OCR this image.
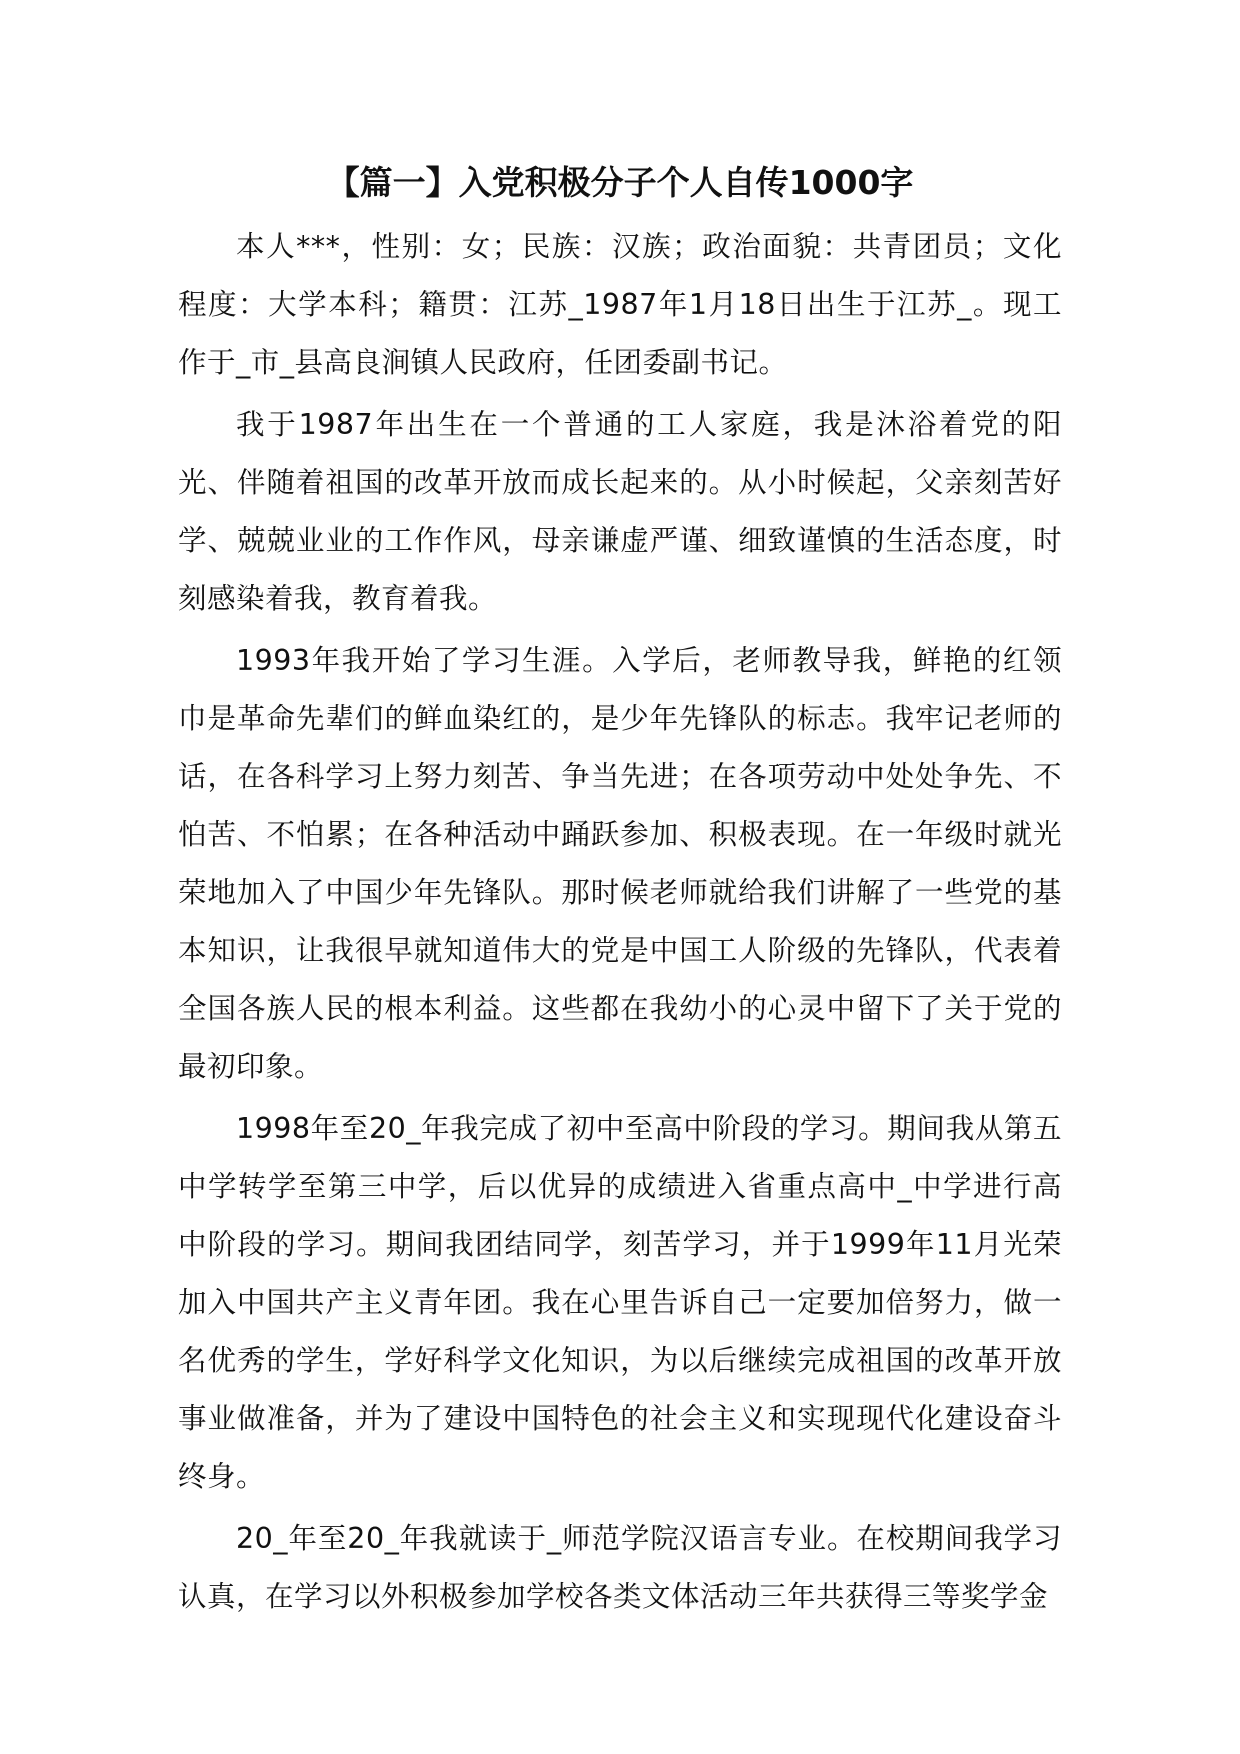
【篇一】入党积极分子个人自传1000字

本人***，性别：女；民族：汉族；政治面貌：共青团员；文化程度：大学本科；籍贯：江苏_1987年1月18日出生于江苏_。现工作于_市_县高良涧镇人民政府，任团委副书记。

我于1987年出生在一个普通的工人家庭，我是沐浴着党的阳光、伴随着祖国的改革开放而成长起来的。从小时候起，父亲刻苦好学、兢兢业业的工作作风，母亲谦虚严谨、细致谨慎的生活态度，时刻感染着我，教育着我。

1993年我开始了学习生涯。入学后，老师教导我，鲜艳的红领巾是革命先辈们的鲜血染红的，是少年先锋队的标志。我牢记老师的话，在各科学习上努力刻苦、争当先进；在各项劳动中处处争先、不怕苦、不怕累；在各种活动中踊跃参加、积极表现。在一年级时就光荣地加入了中国少年先锋队。那时候老师就给我们讲解了一些党的基本知识，让我很早就知道伟大的党是中国工人阶级的先锋队，代表着全国各族人民的根本利益。这些都在我幼小的心灵中留下了关于党的最初印象。

1998年至20_年我完成了初中至高中阶段的学习。期间我从第五中学转学至第三中学，后以优异的成绩进入省重点高中_中学进行高中阶段的学习。期间我团结同学，刻苦学习，并于1999年11月光荣加入中国共产主义青年团。我在心里告诉自己一定要加倍努力，做一名优秀的学生，学好科学文化知识，为以后继续完成祖国的改革开放事业做准备，并为了建设中国特色的社会主义和实现现代化建设奋斗终身。

20_年至20_年我就读于_师范学院汉语言专业。在校期间我学习认真，在学习以外积极参加学校各类文体活动三年共获得三等奖学金
